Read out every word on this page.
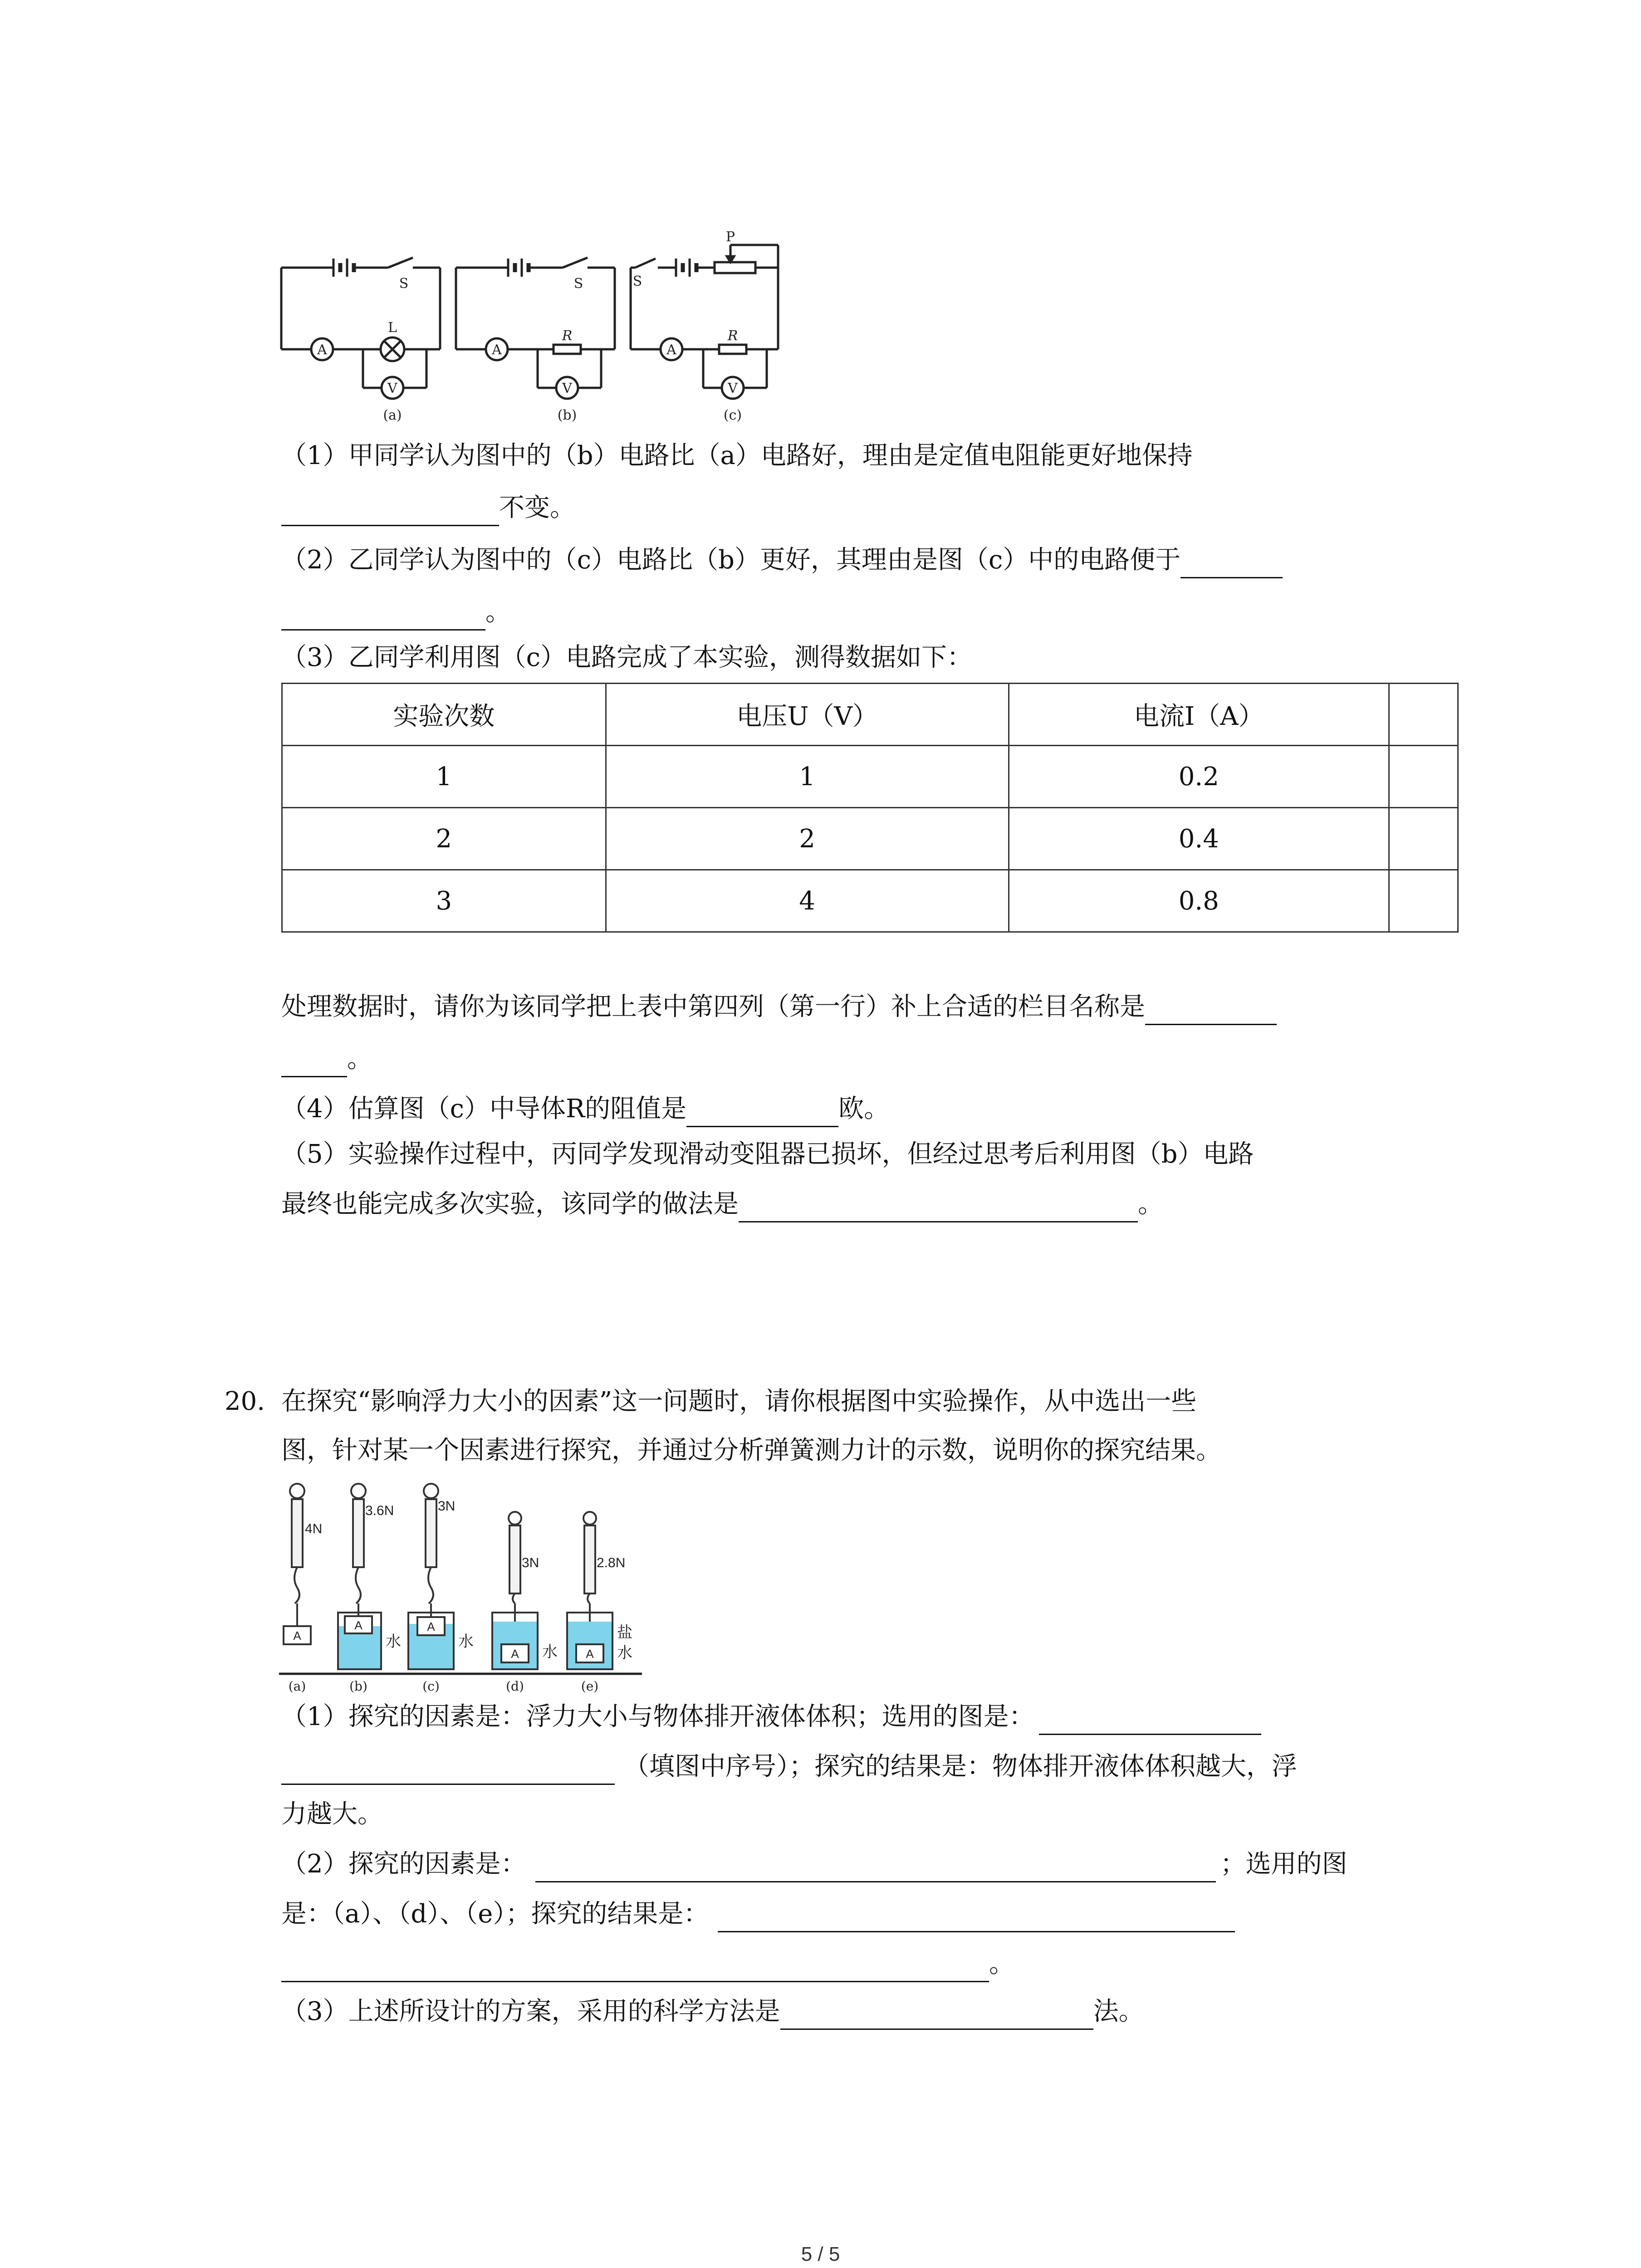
S
L
A
V
(a)
S
R
A
V
(b)
P
S
R
A
V
(c)
（1）甲同学认为图中的（b）电路比（a）电路好，理由是定值电阻能更好地保持
不变。
（2）乙同学认为图中的（c）电路比（b）更好，其理由是图（c）中的电路便于
。
（3）乙同学利用图（c）电路完成了本实验，测得数据如下：
实验次数	电压U（V）	电流I（A）	
1	1	0.2	
2	2	0.4	
3	4	0.8	
处理数据时，请你为该同学把上表中第四列（第一行）补上合适的栏目名称是
。
（4）估算图（c）中导体R的阻值是	欧。
（5）实验操作过程中，丙同学发现滑动变阻器已损坏，但经过思考后利用图（b）电路
最终也能完成多次实验，该同学的做法是	。
20. 在探究“影响浮力大小的因素”这一问题时，请你根据图中实验操作，从中选出一些
图，针对某一个因素进行探究，并通过分析弹簧测力计的示数，说明你的探究结果。
4N
3.6N	3N
3N	2.8N
A
A	A
A	A
水	水
水
盐
水
(a)	(b)	(c)	(d)	(e)
（1）探究的因素是：浮力大小与物体排开液体体积；选用的图是：
（填图中序号）；探究的结果是：物体排开液体体积越大，浮
力越大。
（2）探究的因素是：	；选用的图
是：（a）、（d）、（e）；探究的结果是：
。
（3）上述所设计的方案，采用的科学方法是	法。
5 / 5
